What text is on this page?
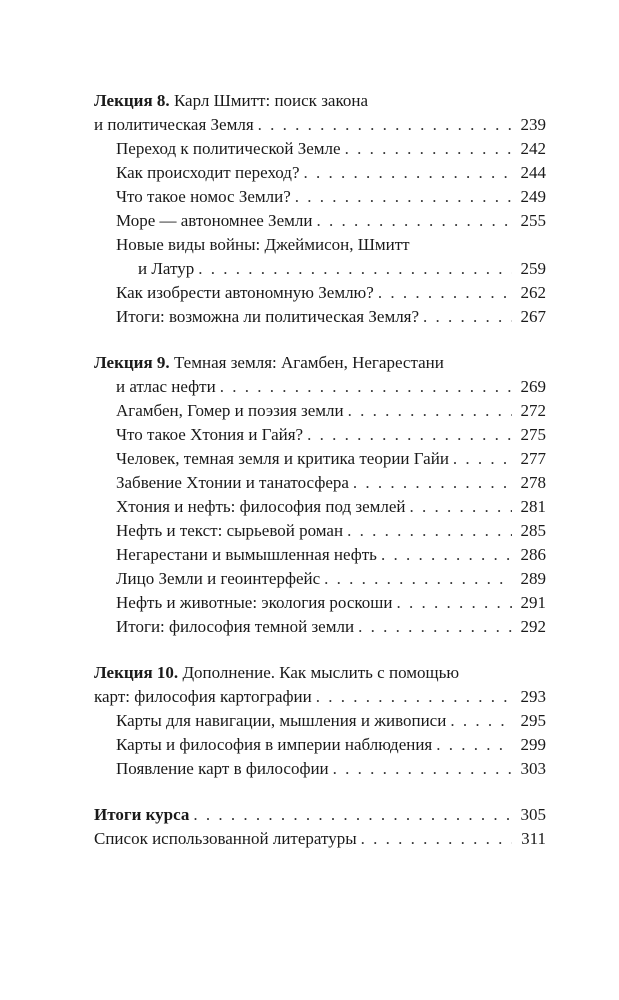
Лекция 8. Карл Шмитт: поиск закона
и политическая Земля . . .	239
Переход к политической Земле . . .	242
Как происходит переход? . . .	244
Что такое номос Земли? . . .	249
Море — автономнее Земли . . .	255
Новые виды войны: Джеймисон, Шмитт
и Латур . . .	259
Как изобрести автономную Землю? . . .	262
Итоги: возможна ли политическая Земля? . . .	267
Лекция 9. Темная земля: Агамбен, Негарестани
и атлас нефти . . .	269
Агамбен, Гомер и поэзия земли . . .	272
Что такое Хтония и Гайя? . . .	275
Человек, темная земля и критика теории Гайи . . .	277
Забвение Хтонии и танатосфера . . .	278
Хтония и нефть: философия под землей . . .	281
Нефть и текст: сырьевой роман . . .	285
Негарестани и вымышленная нефть . . .	286
Лицо Земли и геоинтерфейс . . .	289
Нефть и животные: экология роскоши . . .	291
Итоги: философия темной земли . . .	292
Лекция 10. Дополнение. Как мыслить с помощью
карт: философия картографии . . .	293
Карты для навигации, мышления и живописи . . .	295
Карты и философия в империи наблюдения . . .	299
Появление карт в философии . . .	303
Итоги курса . . .	305
Список использованной литературы . . .	311
